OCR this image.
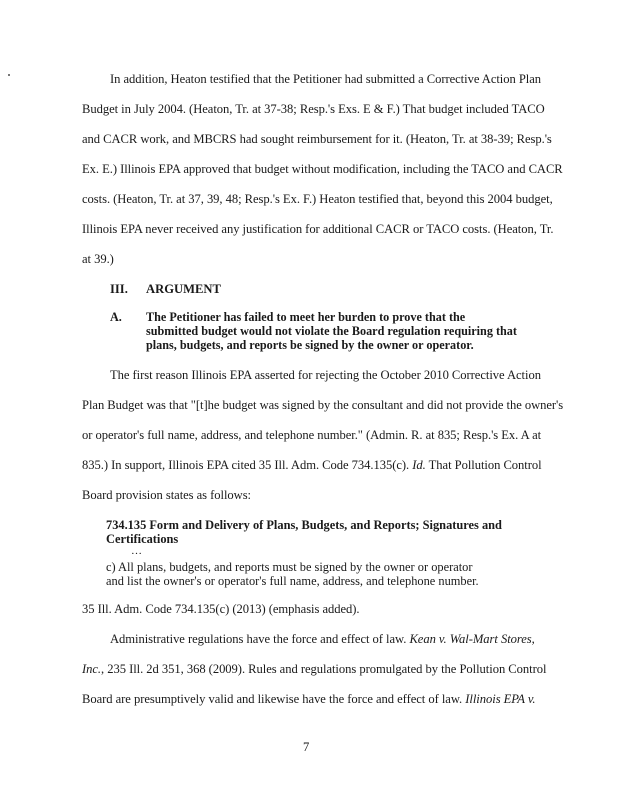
In addition, Heaton testified that the Petitioner had submitted a Corrective Action Plan
Budget in July 2004. (Heaton, Tr. at 37-38; Resp.'s Exs. E & F.) That budget included TACO
and CACR work, and MBCRS had sought reimbursement for it. (Heaton, Tr. at 38-39; Resp.'s
Ex. E.) Illinois EPA approved that budget without modification, including the TACO and CACR
costs. (Heaton, Tr. at 37, 39, 48; Resp.'s Ex. F.) Heaton testified that, beyond this 2004 budget,
Illinois EPA never received any justification for additional CACR or TACO costs. (Heaton, Tr.
at 39.)
III. ARGUMENT
A. The Petitioner has failed to meet her burden to prove that the
submitted budget would not violate the Board regulation requiring that
plans, budgets, and reports be signed by the owner or operator.
The first reason Illinois EPA asserted for rejecting the October 2010 Corrective Action
Plan Budget was that "[t]he budget was signed by the consultant and did not provide the owner's
or operator's full name, address, and telephone number." (Admin. R. at 835; Resp.'s Ex. A at
835.) In support, Illinois EPA cited 35 Ill. Adm. Code 734.135(c). Id. That Pollution Control
Board provision states as follows:
734.135 Form and Delivery of Plans, Budgets, and Reports; Signatures and
Certifications
…
c) All plans, budgets, and reports must be signed by the owner or operator
and list the owner's or operator's full name, address, and telephone number.
35 Ill. Adm. Code 734.135(c) (2013) (emphasis added).
Administrative regulations have the force and effect of law. Kean v. Wal-Mart Stores,
Inc., 235 Ill. 2d 351, 368 (2009). Rules and regulations promulgated by the Pollution Control
Board are presumptively valid and likewise have the force and effect of law. Illinois EPA v.
7
